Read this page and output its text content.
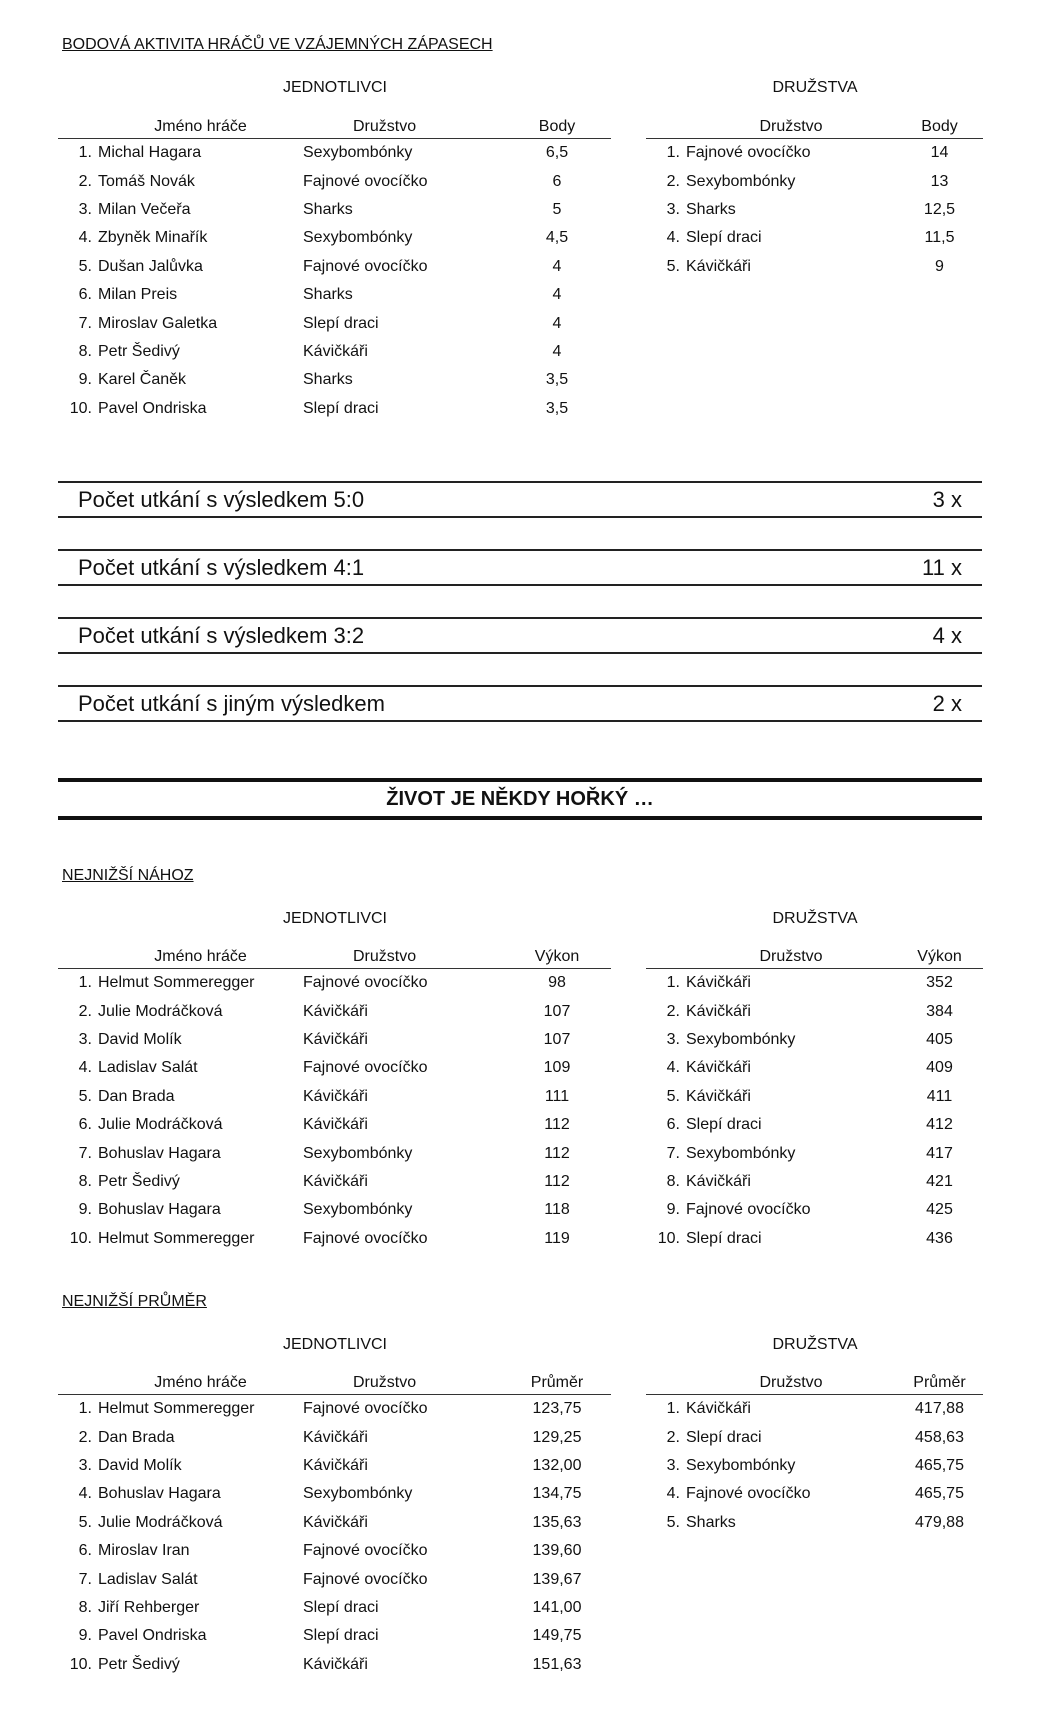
BODOVÁ AKTIVITA HRÁČŮ VE VZÁJEMNÝCH ZÁPASECH
JEDNOTLIVCI	DRUŽSTVA
	Jméno hráče	Družstvo	Body
1.	Michal Hagara	Sexybombónky	6,5
2.	Tomáš Novák	Fajnové ovocíčko	6
3.	Milan Večeřa	Sharks	5
4.	Zbyněk Minařík	Sexybombónky	4,5
5.	Dušan Jalůvka	Fajnové ovocíčko	4
6.	Milan Preis	Sharks	4
7.	Miroslav Galetka	Slepí draci	4
8.	Petr Šedivý	Kávičkáři	4
9.	Karel Čaněk	Sharks	3,5
10.	Pavel Ondriska	Slepí draci	3,5
	Družstvo	Body
1.	Fajnové ovocíčko	14
2.	Sexybombónky	13
3.	Sharks	12,5
4.	Slepí draci	11,5
5.	Kávičkáři	9
Počet utkání s výsledkem 5:0	3 x
Počet utkání s výsledkem 4:1	11 x
Počet utkání s výsledkem 3:2	4 x
Počet utkání s jiným výsledkem	2 x
ŽIVOT JE NĚKDY HOŘKÝ …
NEJNIŽŠÍ NÁHOZ
JEDNOTLIVCI	DRUŽSTVA
	Jméno hráče	Družstvo	Výkon
1.	Helmut Sommeregger	Fajnové ovocíčko	98
2.	Julie Modráčková	Kávičkáři	107
3.	David Molík	Kávičkáři	107
4.	Ladislav Salát	Fajnové ovocíčko	109
5.	Dan Brada	Kávičkáři	111
6.	Julie Modráčková	Kávičkáři	112
7.	Bohuslav Hagara	Sexybombónky	112
8.	Petr Šedivý	Kávičkáři	112
9.	Bohuslav Hagara	Sexybombónky	118
10.	Helmut Sommeregger	Fajnové ovocíčko	119
	Družstvo	Výkon
1.	Kávičkáři	352
2.	Kávičkáři	384
3.	Sexybombónky	405
4.	Kávičkáři	409
5.	Kávičkáři	411
6.	Slepí draci	412
7.	Sexybombónky	417
8.	Kávičkáři	421
9.	Fajnové ovocíčko	425
10.	Slepí draci	436
NEJNIŽŠÍ PRŮMĚR
JEDNOTLIVCI	DRUŽSTVA
	Jméno hráče	Družstvo	Průměr
1.	Helmut Sommeregger	Fajnové ovocíčko	123,75
2.	Dan Brada	Kávičkáři	129,25
3.	David Molík	Kávičkáři	132,00
4.	Bohuslav Hagara	Sexybombónky	134,75
5.	Julie Modráčková	Kávičkáři	135,63
6.	Miroslav Iran	Fajnové ovocíčko	139,60
7.	Ladislav Salát	Fajnové ovocíčko	139,67
8.	Jiří Rehberger	Slepí draci	141,00
9.	Pavel Ondriska	Slepí draci	149,75
10.	Petr Šedivý	Kávičkáři	151,63
	Družstvo	Průměr
1.	Kávičkáři	417,88
2.	Slepí draci	458,63
3.	Sexybombónky	465,75
4.	Fajnové ovocíčko	465,75
5.	Sharks	479,88
